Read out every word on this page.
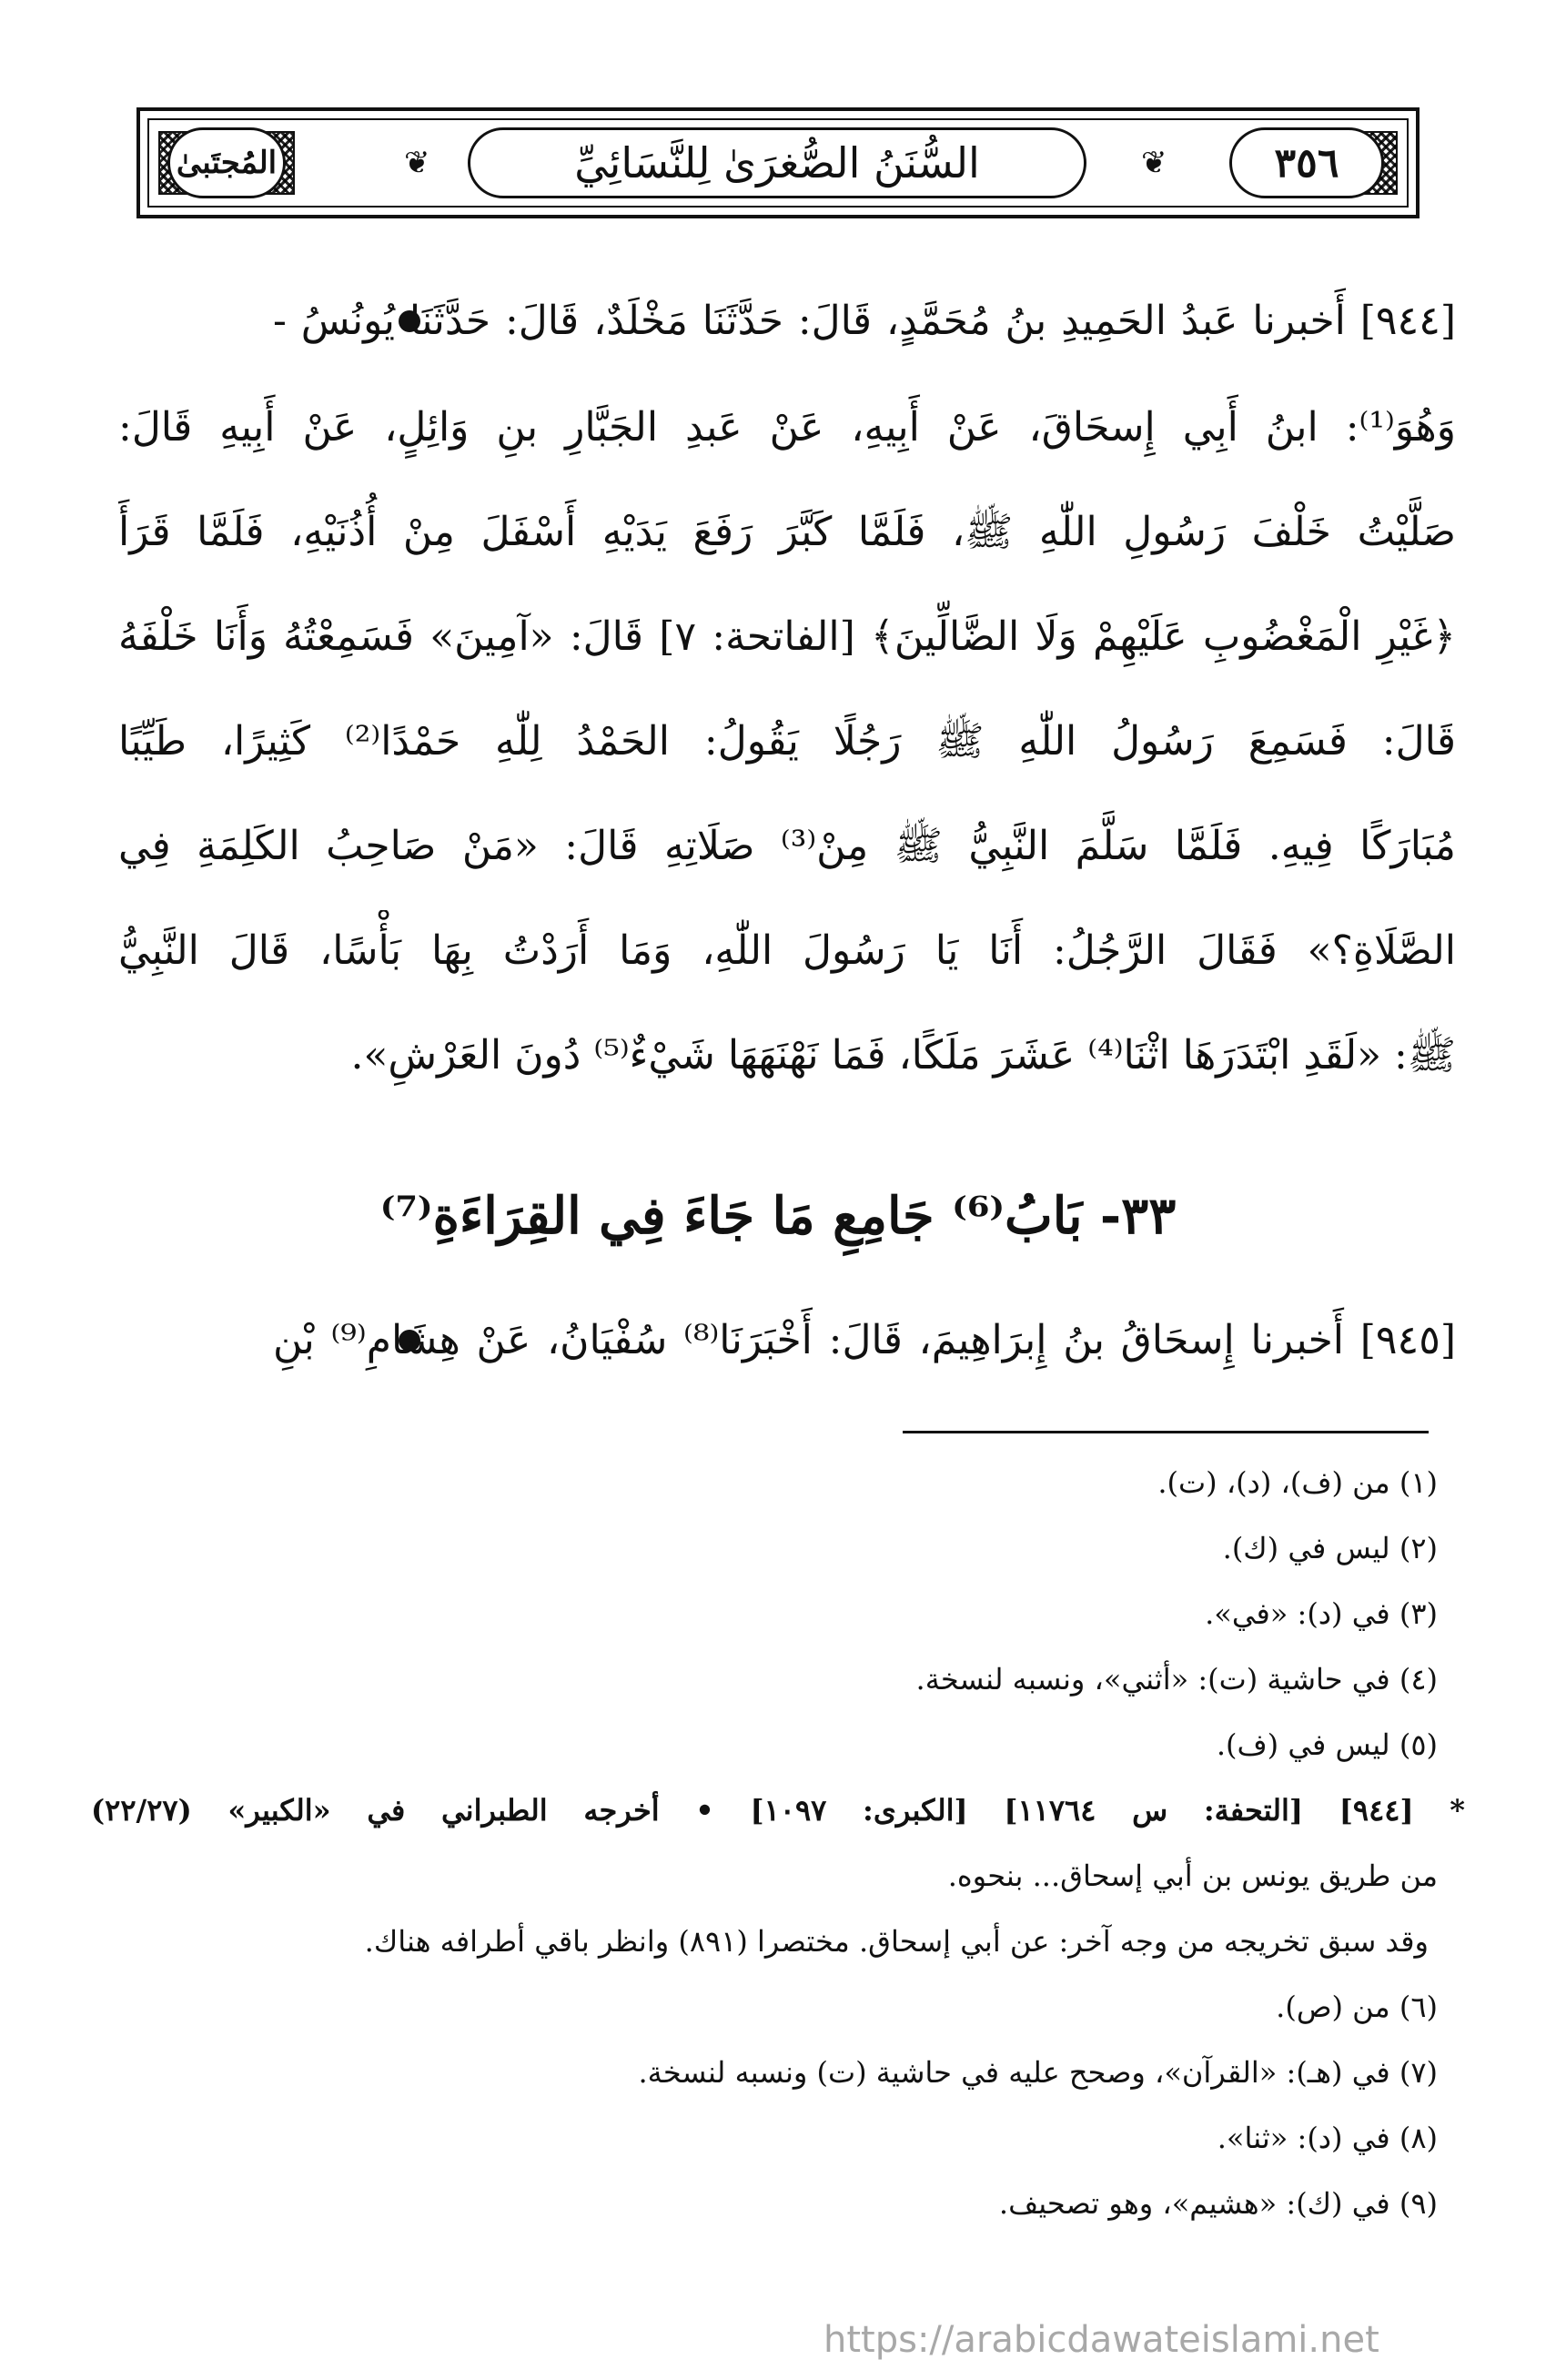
المُجتَبىٰ	❦	السُّنَنُ الصُّغرَىٰ لِلنَّسَائِيِّ	❦	٣٥٦
[٩٤٤] أَخبرنا عَبدُ الحَمِيدِ بنُ مُحَمَّدٍ، قَالَ: حَدَّثَنَا مَخْلَدٌ، قَالَ: حَدَّثَنَا يُونُسُ -
وَهُوَ⁽¹⁾: ابنُ أَبِي إِسحَاقَ، عَنْ أَبِيهِ، عَنْ عَبدِ الجَبَّارِ بنِ وَائِلٍ، عَنْ أَبِيهِ قَالَ:
صَلَّيْتُ خَلْفَ رَسُولِ اللّٰهِ ﷺ، فَلَمَّا كَبَّرَ رَفَعَ يَدَيْهِ أَسْفَلَ مِنْ أُذُنَيْهِ، فَلَمَّا قَرَأَ
﴿غَيْرِ الْمَغْضُوبِ عَلَيْهِمْ وَلَا الضَّالِّينَ﴾ [الفاتحة: ٧] قَالَ: «آمِينَ» فَسَمِعْتُهُ وَأَنَا خَلْفَهُ
قَالَ: فَسَمِعَ رَسُولُ اللّٰهِ ﷺ رَجُلًا يَقُولُ: الحَمْدُ لِلّٰهِ حَمْدًا⁽²⁾ كَثِيرًا، طَيِّبًا
مُبَارَكًا فِيهِ. فَلَمَّا سَلَّمَ النَّبِيُّ ﷺ مِنْ⁽³⁾ صَلَاتِهِ قَالَ: «مَنْ صَاحِبُ الكَلِمَةِ فِي
الصَّلَاةِ؟» فَقَالَ الرَّجُلُ: أَنَا يَا رَسُولَ اللّٰهِ، وَمَا أَرَدْتُ بِهَا بَأْسًا، قَالَ النَّبِيُّ
ﷺ: «لَقَدِ ابْتَدَرَهَا اثْنَا⁽⁴⁾ عَشَرَ مَلَكًا، فَمَا نَهْنَهَهَا شَيْءٌ⁽⁵⁾ دُونَ العَرْشِ».
٣٣- بَابُ⁽⁶⁾ جَامِعِ مَا جَاءَ فِي القِرَاءَةِ⁽⁷⁾
[٩٤٥] أَخبرنا إِسحَاقُ بنُ إِبرَاهِيمَ، قَالَ: أَخْبَرَنَا⁽⁸⁾ سُفْيَانُ، عَنْ هِشَامِ⁽⁹⁾ بْنِ
(١) من (ف)، (د)، (ت).
(٢) ليس في (ك).
(٣) في (د): «في».
(٤) في حاشية (ت): «أثني»، ونسبه لنسخة.
(٥) ليس في (ف).
* [٩٤٤] [التحفة: س ١١٧٦٤] [الكبرى: ١٠٩٧] • أخرجه الطبراني في «الكبير» (٢٢/٢٧)
من طريق يونس بن أبي إسحاق... بنحوه.
وقد سبق تخريجه من وجه آخر: عن أبي إسحاق. مختصرا (٨٩١) وانظر باقي أطرافه هناك.
(٦) من (ص).
(٧) في (هـ): «القرآن»، وصحح عليه في حاشية (ت) ونسبه لنسخة.
(٨) في (د): «ثنا».
(٩) في (ك): «هشيم»، وهو تصحيف.
https://arabicdawateislami.net
